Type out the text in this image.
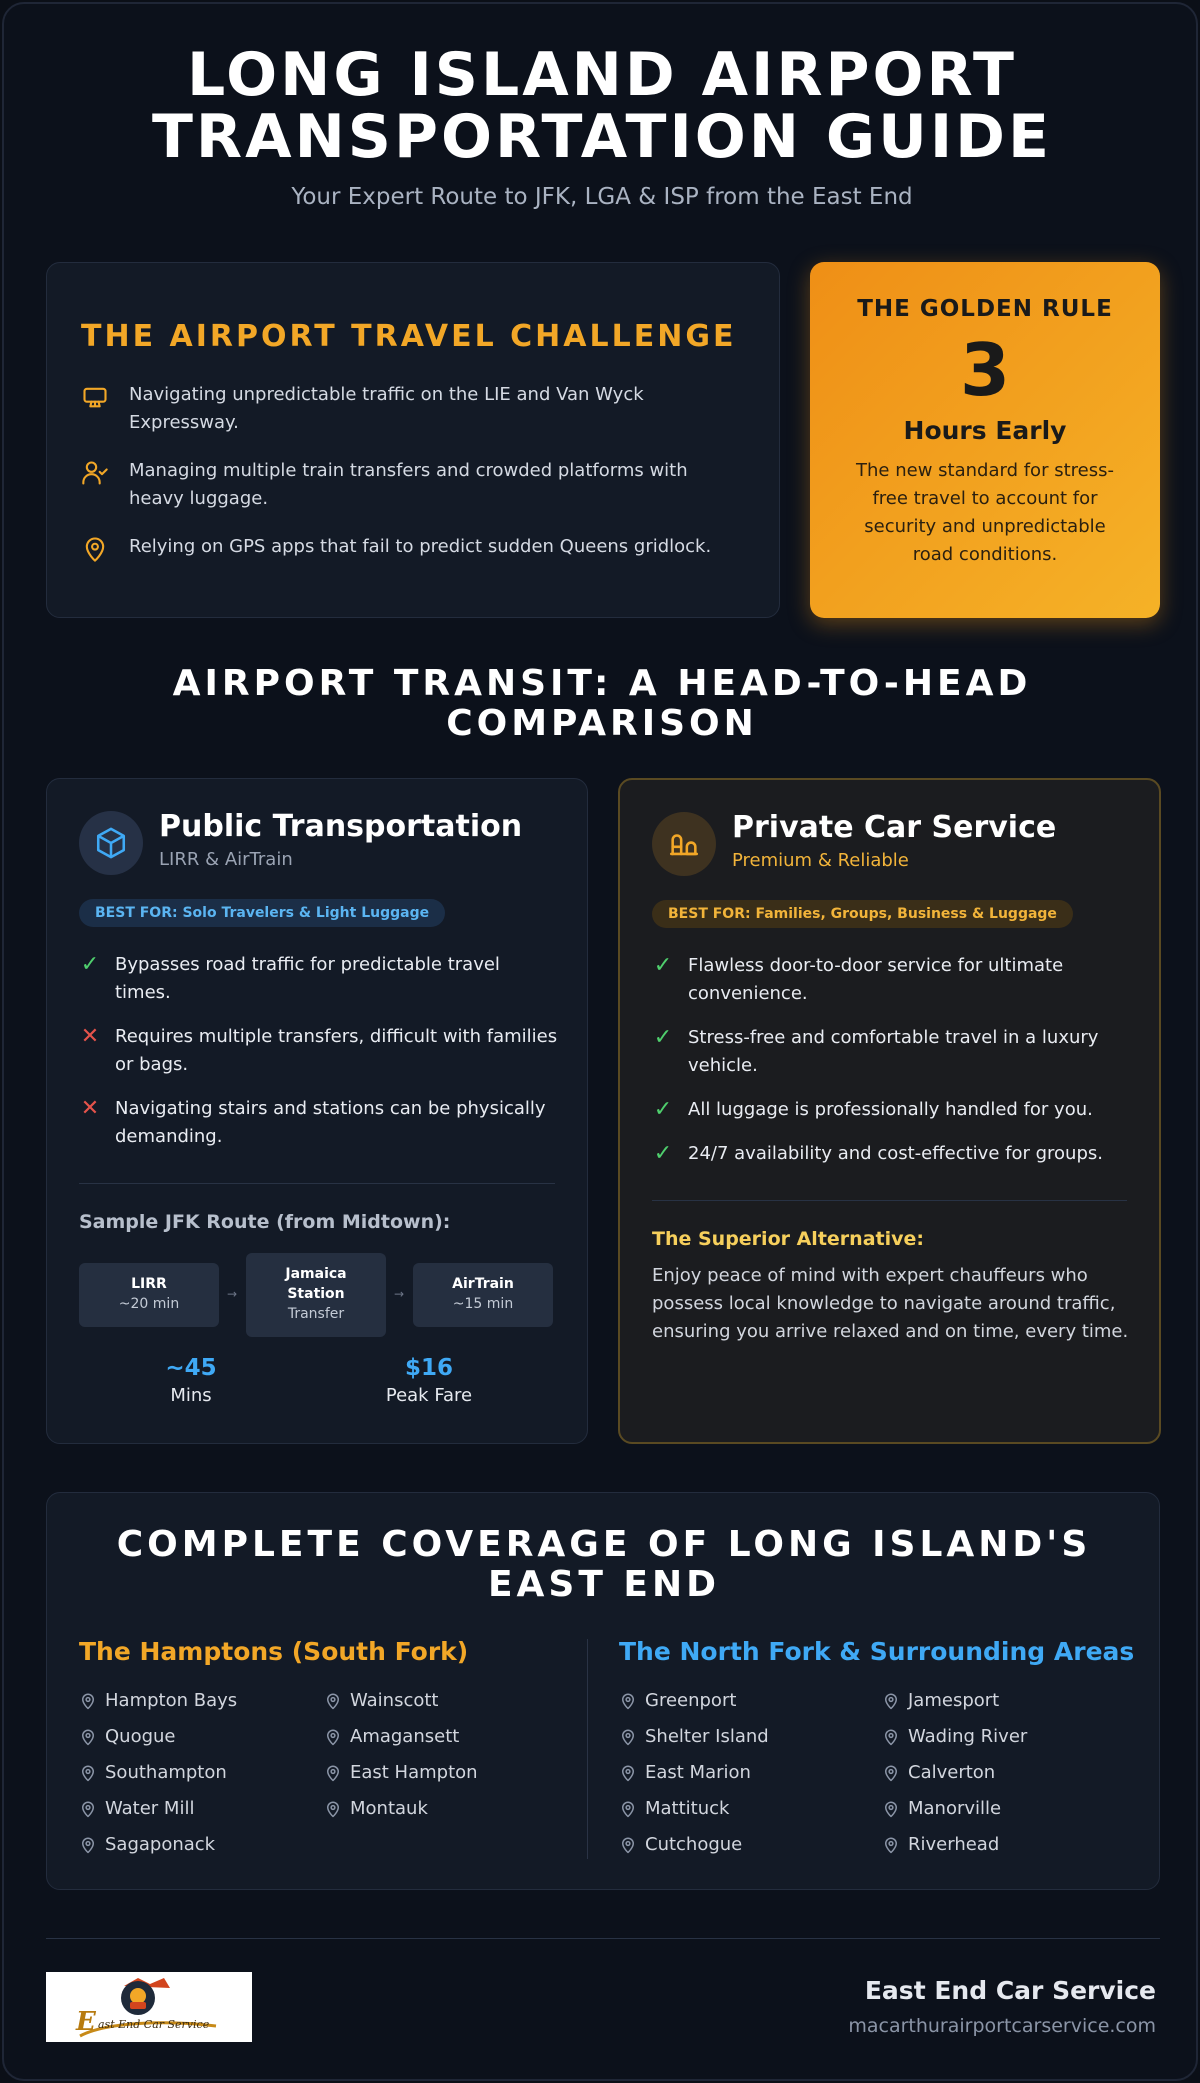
LONG ISLAND AIRPORT
TRANSPORTATION GUIDE
Your Expert Route to JFK, LGA & ISP from the East End
THE AIRPORT TRAVEL CHALLENGE
Navigating unpredictable traffic on the LIE and Van Wyck Expressway.
Managing multiple train transfers and crowded platforms with heavy luggage.
Relying on GPS apps that fail to predict sudden Queens gridlock.
THE GOLDEN RULE
3
Hours Early
The new standard for stress-free travel to account for security and unpredictable road conditions.
AIRPORT TRANSIT: A HEAD-TO-HEAD
COMPARISON
Public Transportation
LIRR & AirTrain
BEST FOR: Solo Travelers & Light Luggage
✓ Bypasses road traffic for predictable travel times.
✕ Requires multiple transfers, difficult with families or bags.
✕ Navigating stairs and stations can be physically demanding.
Sample JFK Route (from Midtown):
LIRR
~20 min
→
Jamaica Station
Transfer
→
AirTrain
~15 min
~45
Mins
$16
Peak Fare
Private Car Service
Premium & Reliable
BEST FOR: Families, Groups, Business & Luggage
✓ Flawless door-to-door service for ultimate convenience.
✓ Stress-free and comfortable travel in a luxury vehicle.
✓ All luggage is professionally handled for you.
✓ 24/7 availability and cost-effective for groups.
The Superior Alternative:
Enjoy peace of mind with expert chauffeurs who possess local knowledge to navigate around traffic, ensuring you arrive relaxed and on time, every time.
COMPLETE COVERAGE OF LONG ISLAND'S
EAST END
The Hamptons (South Fork)	The North Fork & Surrounding Areas
Hampton Bays
Quogue
Southampton
Water Mill
Sagaponack
Wainscott
Amagansett
East Hampton
Montauk
Greenport
Shelter Island
East Marion
Mattituck
Cutchogue
Jamesport
Wading River
Calverton
Manorville
Riverhead
E ast End Car Service
East End Car Service
macarthurairportcarservice.com
